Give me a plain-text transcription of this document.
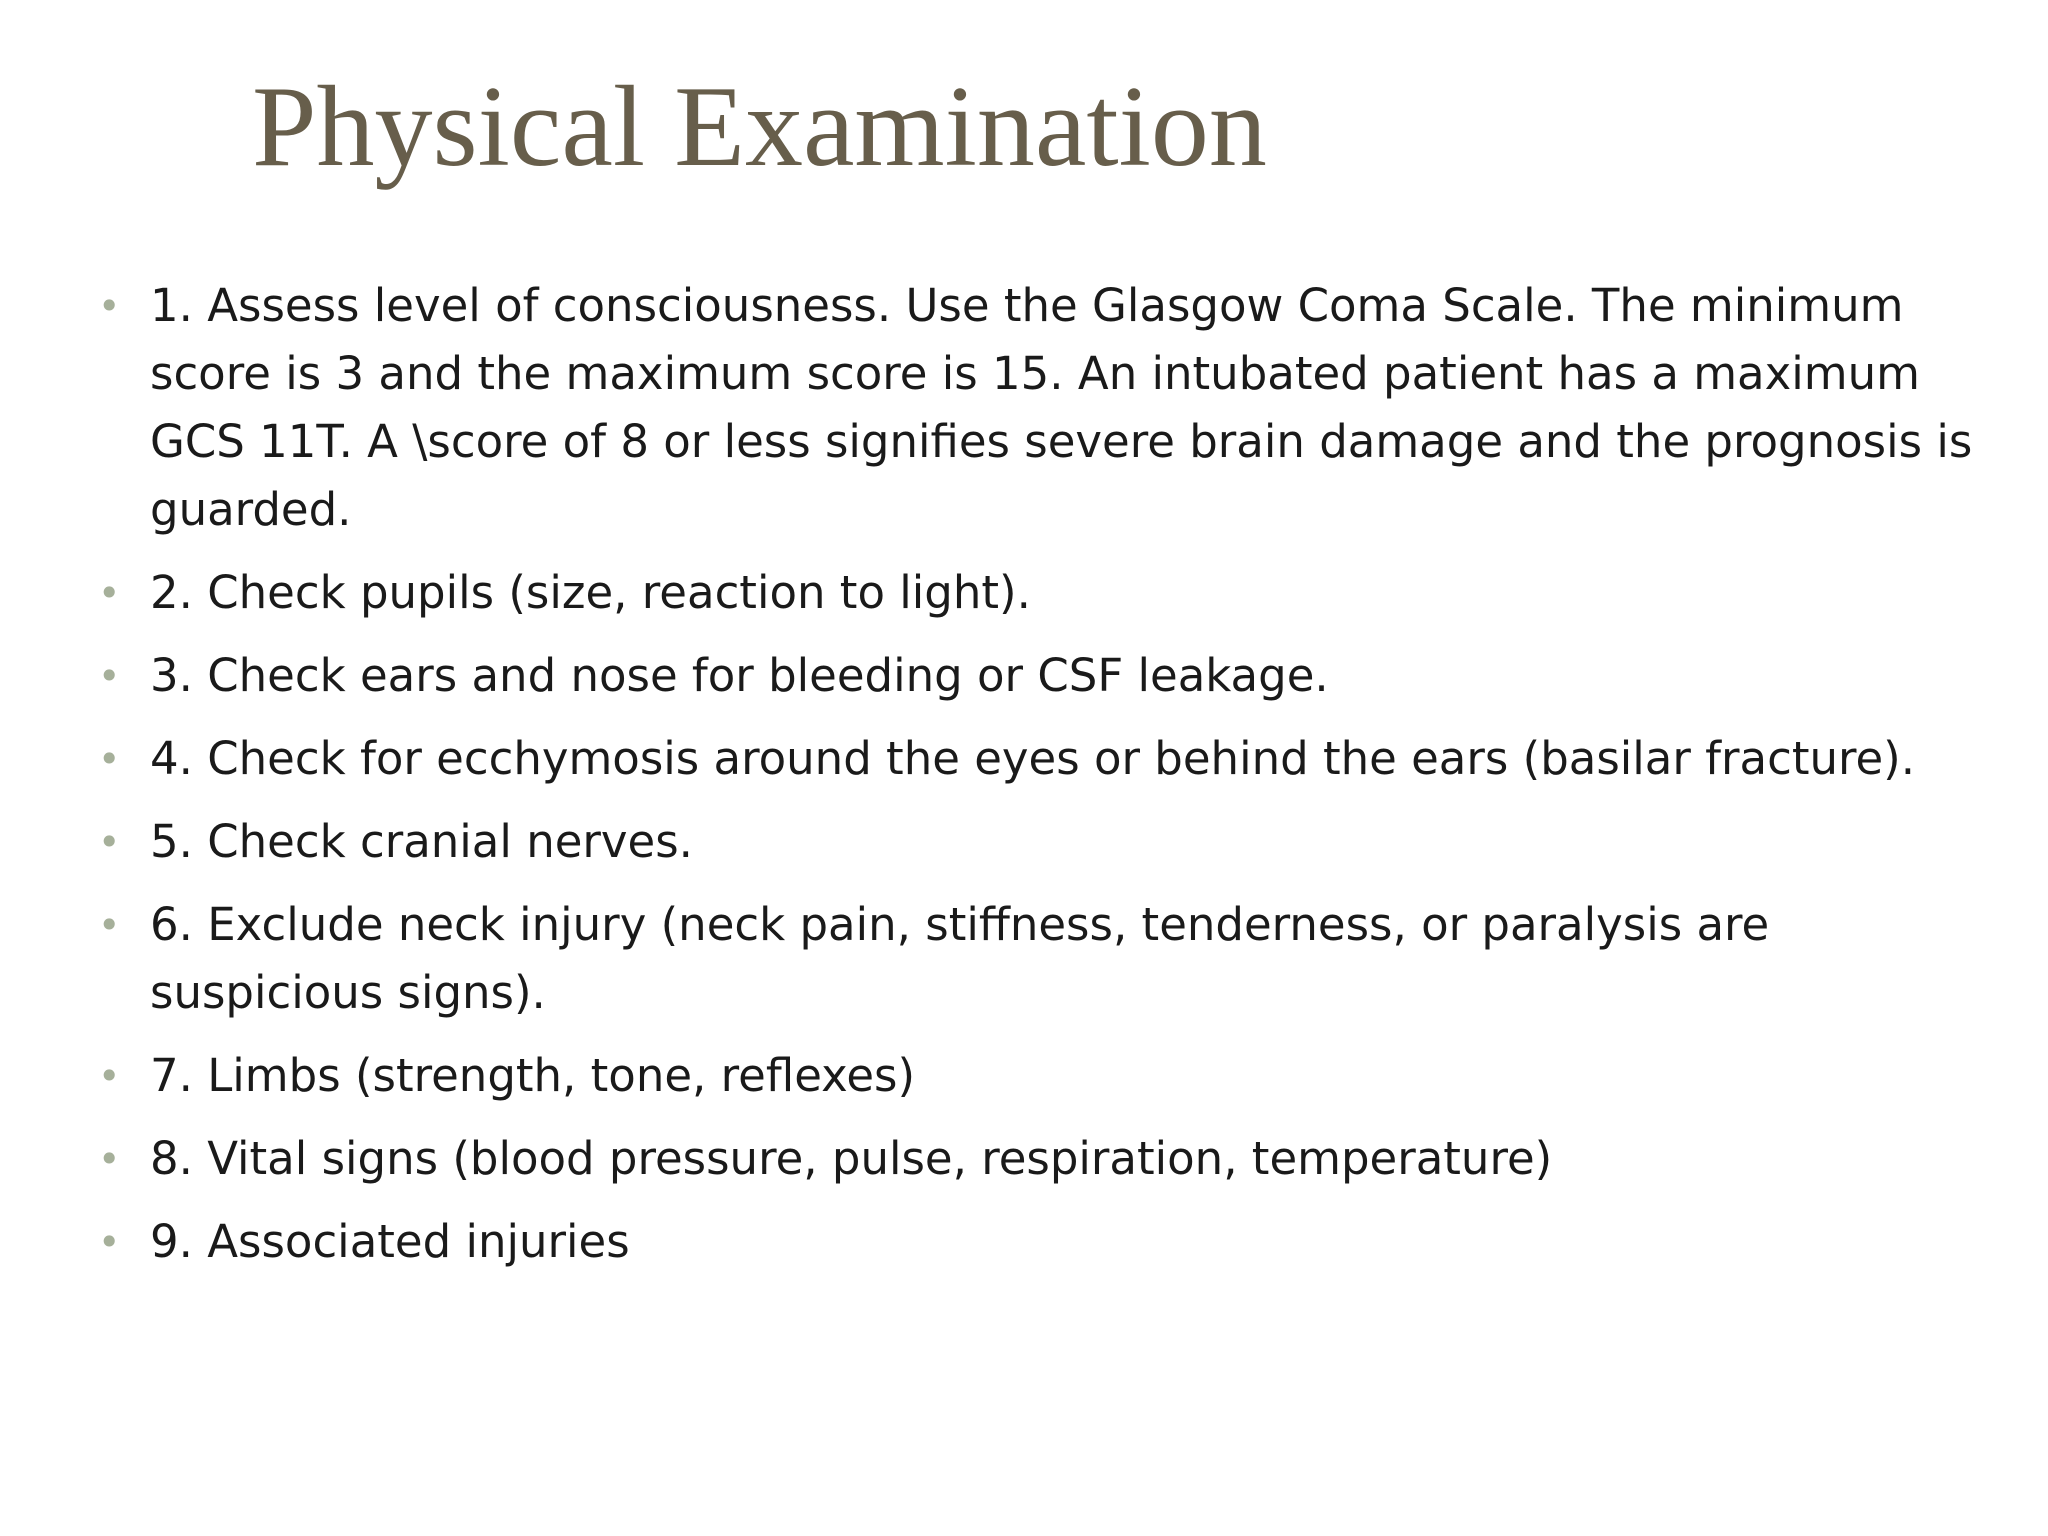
Physical Examination
• 1. Assess level of consciousness. Use the Glasgow Coma Scale. The minimum score is 3 and the maximum score is 15. An intubated patient has a maximum GCS 11T. A \score of 8 or less signifies severe brain damage and the prognosis is guarded.
• 2. Check pupils (size, reaction to light).
• 3. Check ears and nose for bleeding or CSF leakage.
• 4. Check for ecchymosis around the eyes or behind the ears (basilar fracture).
• 5. Check cranial nerves.
• 6. Exclude neck injury (neck pain, stiffness, tenderness, or paralysis are suspicious signs).
• 7. Limbs (strength, tone, reflexes)
• 8. Vital signs (blood pressure, pulse, respiration, temperature)
• 9. Associated injuries
